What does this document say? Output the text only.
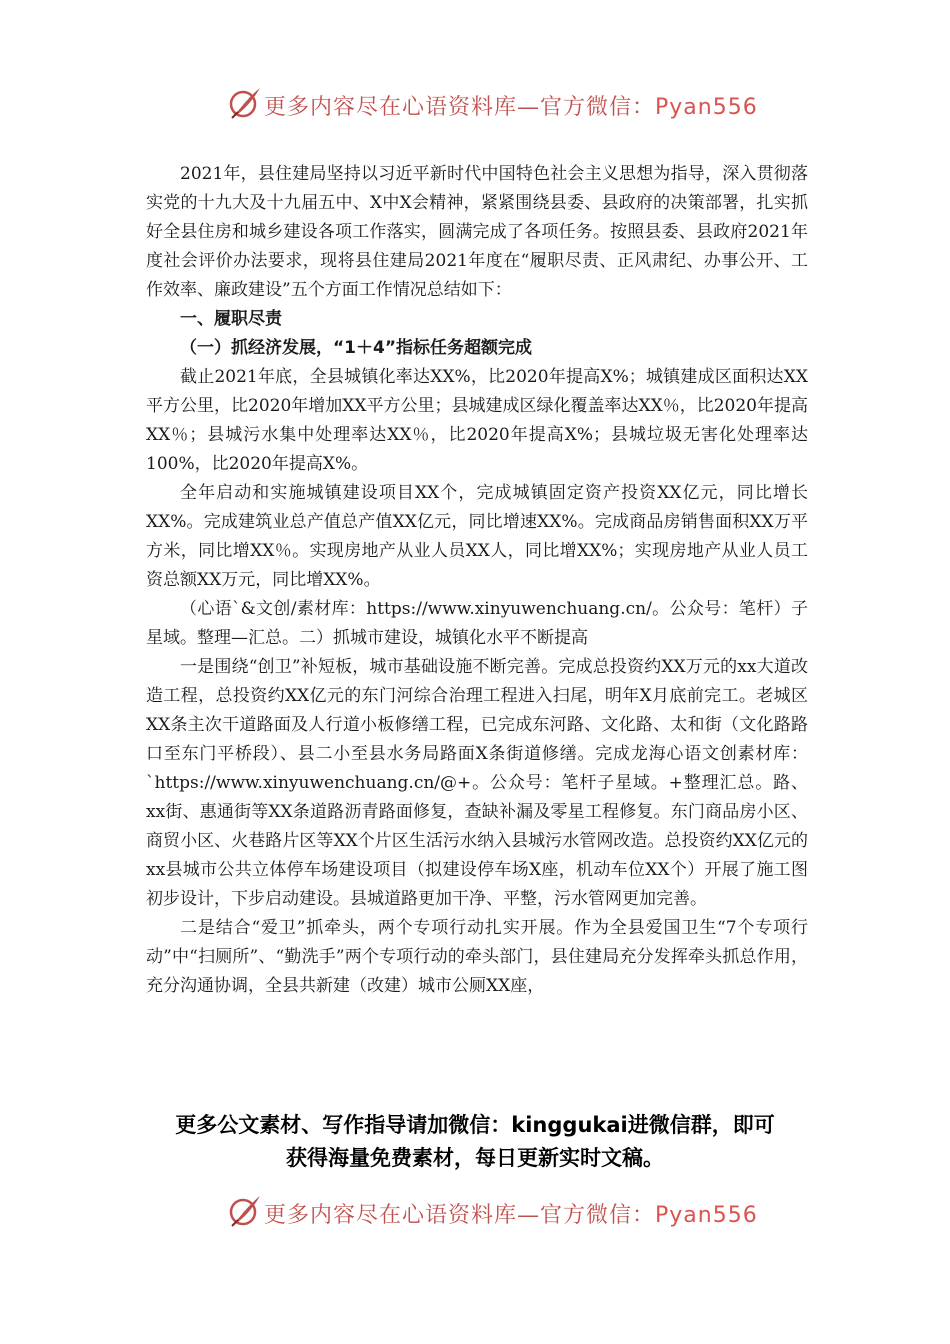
更多内容尽在心语资料库—官方微信：Pyan556

2021年，县住建局坚持以习近平新时代中国特色社会主义思想为指导，深入贯彻落实党的十九大及十九届五中、X中X会精神，紧紧围绕县委、县政府的决策部署，扎实抓好全县住房和城乡建设各项工作落实，圆满完成了各项任务。按照县委、县政府2021年度社会评价办法要求，现将县住建局2021年度在“履职尽责、正风肃纪、办事公开、工作效率、廉政建设”五个方面工作情况总结如下：

一、履职尽责

（一）抓经济发展，“1＋4”指标任务超额完成

截止2021年底，全县城镇化率达XX%，比2020年提高X%；城镇建成区面积达XX平方公里，比2020年增加XX平方公里；县城建成区绿化覆盖率达XX％，比2020年提高XX％；县城污水集中处理率达XX％，比2020年提高X%；县城垃圾无害化处理率达100%，比2020年提高X%。

全年启动和实施城镇建设项目XX个，完成城镇固定资产投资XX亿元，同比增长XX%。完成建筑业总产值总产值XX亿元，同比增速XX%。完成商品房销售面积XX万平方米，同比增XX％。实现房地产从业人员XX人，同比增XX%；实现房地产从业人员工资总额XX万元，同比增XX%。

（心语`&文创/素材库：https://www.xinyuwenchuang.cn/。公众号：笔杆）子星域。整理—汇总。二）抓城市建设，城镇化水平不断提高

一是围绕“创卫”补短板，城市基础设施不断完善。完成总投资约XX万元的xx大道改造工程，总投资约XX亿元的东门河综合治理工程进入扫尾，明年X月底前完工。老城区XX条主次干道路面及人行道小板修缮工程，已完成东河路、文化路、太和街（文化路路口至东门平桥段）、县二小至县水务局路面X条街道修缮。完成龙海心语文创素材库：`https://www.xinyuwenchuang.cn/@+。公众号：笔杆子星域。+整理汇总。路、xx街、惠通街等XX条道路沥青路面修复，查缺补漏及零星工程修复。东门商品房小区、商贸小区、火巷路片区等XX个片区生活污水纳入县城污水管网改造。总投资约XX亿元的xx县城市公共立体停车场建设项目（拟建设停车场X座，机动车位XX个）开展了施工图初步设计，下步启动建设。县城道路更加干净、平整，污水管网更加完善。

二是结合“爱卫”抓牵头，两个专项行动扎实开展。作为全县爱国卫生“7个专项行动”中“扫厕所”、“勤洗手”两个专项行动的牵头部门，县住建局充分发挥牵头抓总作用，充分沟通协调，全县共新建（改建）城市公厕XX座，

更多公文素材、写作指导请加微信：kinggukai进微信群，即可
获得海量免费素材，每日更新实时文稿。
更多内容尽在心语资料库—官方微信：Pyan556
